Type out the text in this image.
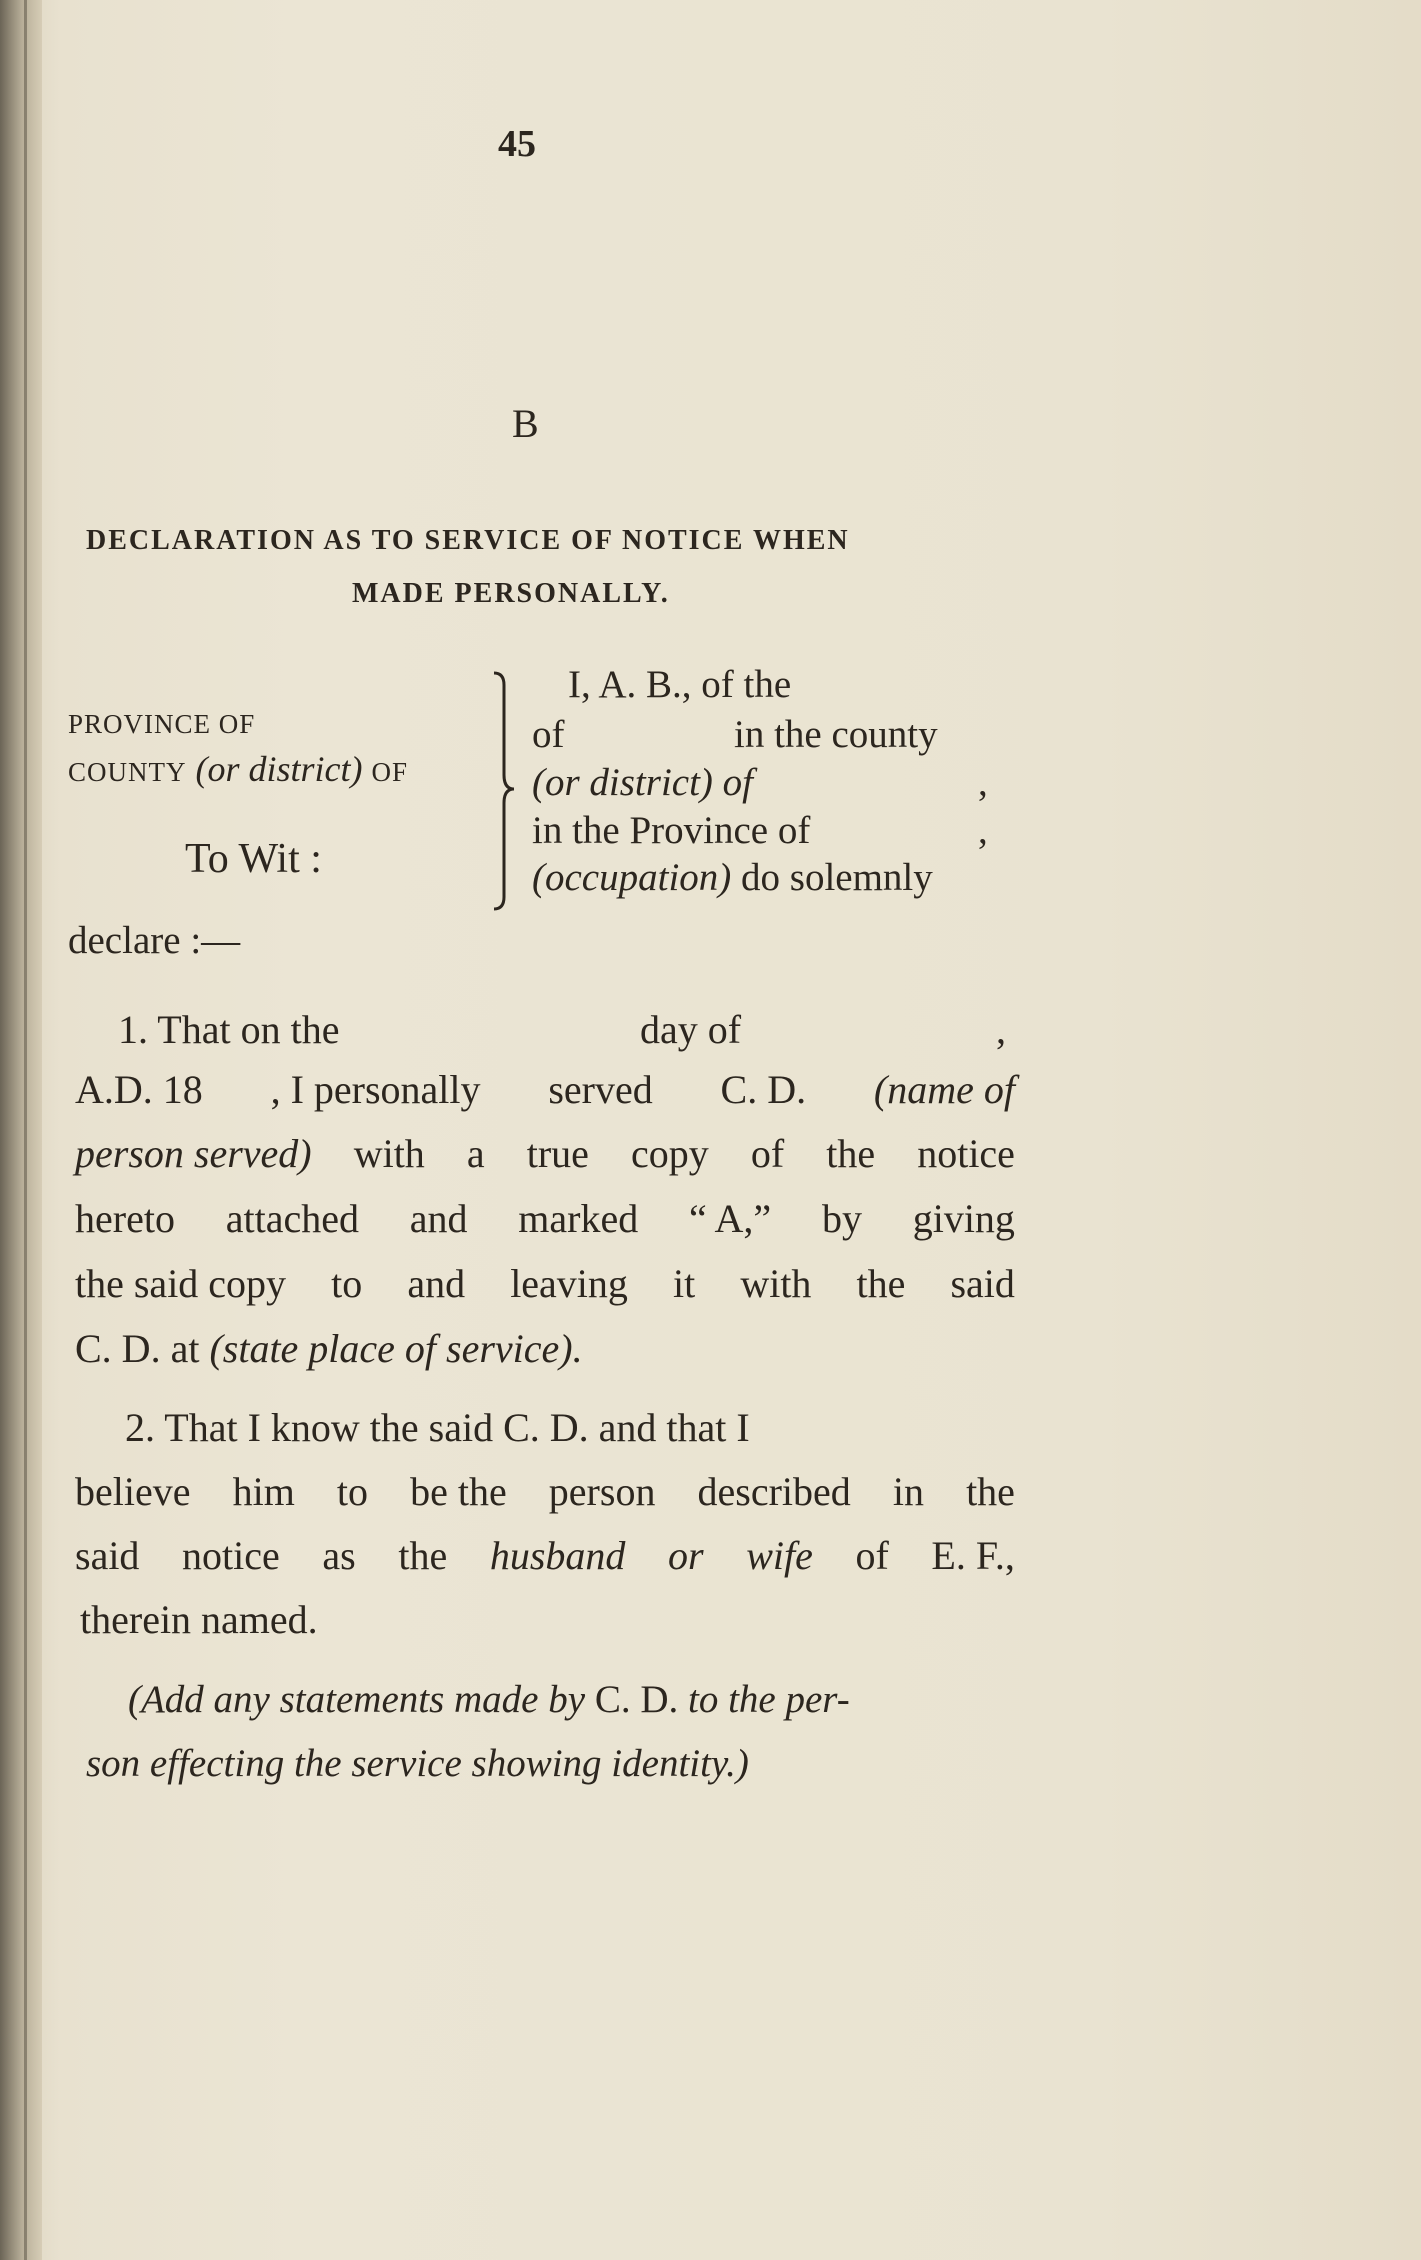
45
B
DECLARATION AS TO SERVICE OF NOTICE WHEN
MADE PERSONALLY.
PROVINCE OF
COUNTY (or district) OF
To Wit :
I, A. B., of the
of	in the county
(or district) of	,
in the Province of	,
(occupation) do solemnly
declare :—
1. That on the	day of	,
A.D. 18 , I personally served C. D. (name of
person served) with a true copy of the notice
hereto attached and marked “ A,” by giving
the said copy to and leaving it with the said
C. D. at (state place of service).
2. That I know the said C. D. and that I
believe him to be the person described in the
said notice as the husband or wife of E. F.,
therein named.
(Add any statements made by C. D. to the per-
son effecting the service showing identity.)
